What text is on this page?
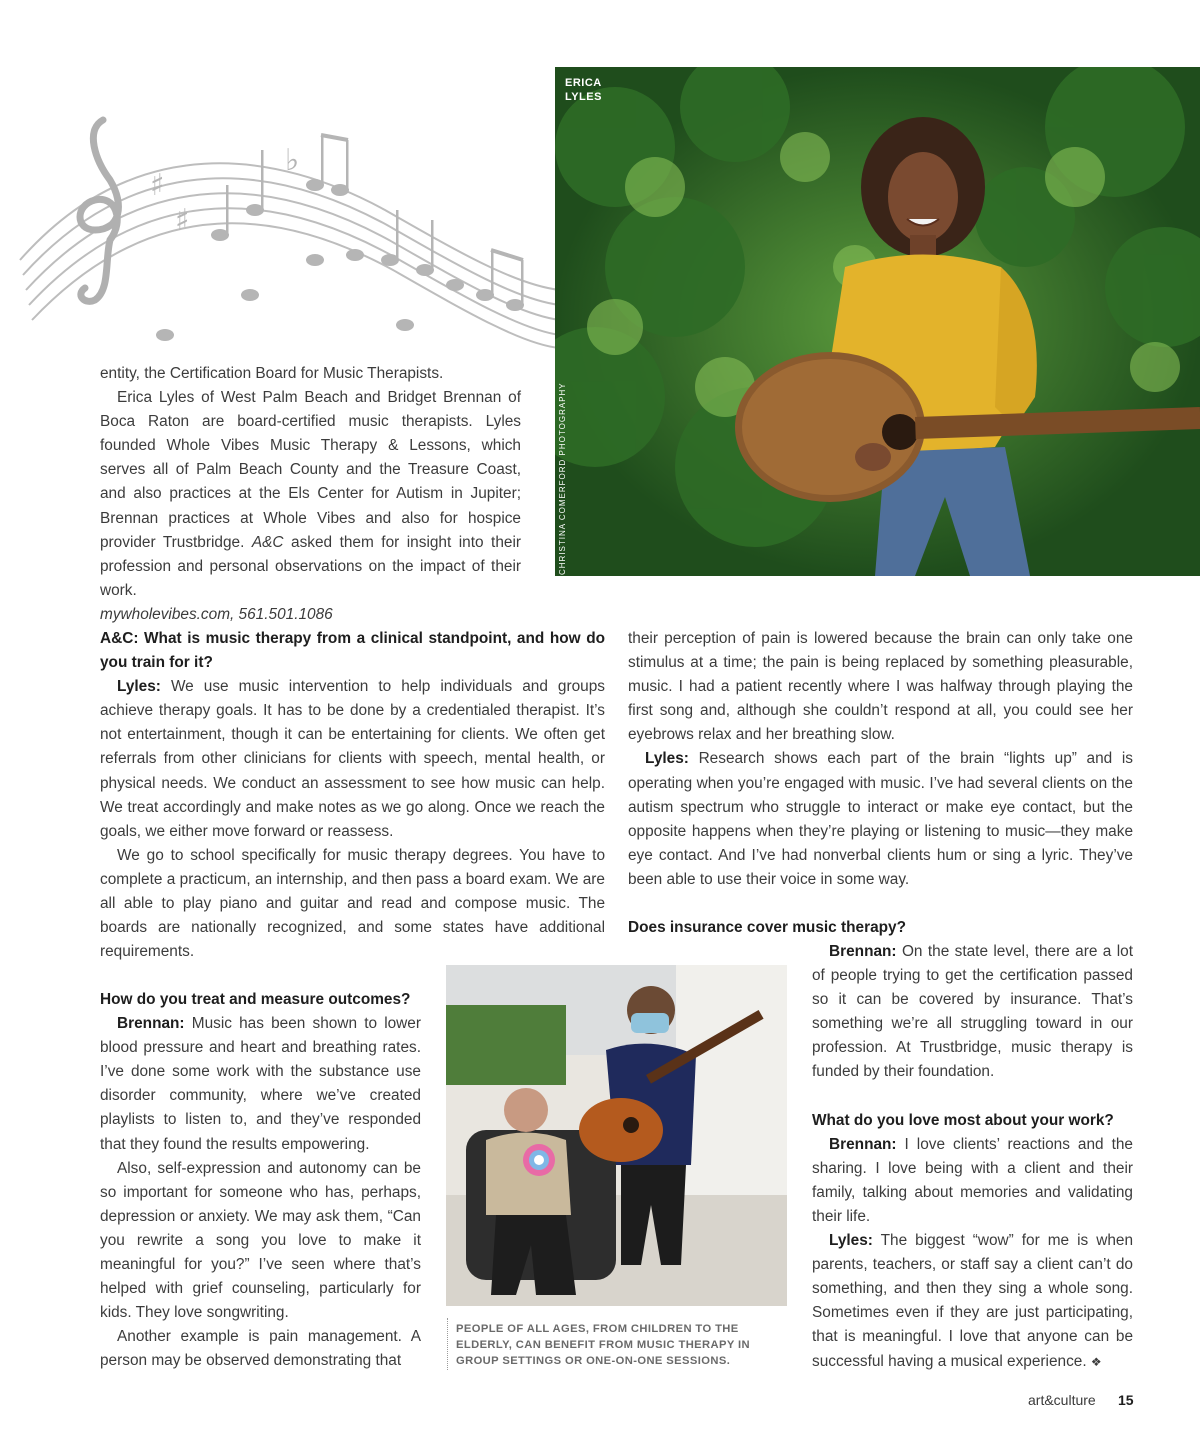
♯
♯
♭
ERICA
LYLES
CHRISTINA COMERFORD PHOTOGRAPHY

entity, the Certification Board for Music Therapists.

Erica Lyles of West Palm Beach and Bridget Brennan of Boca Raton are board-certified music therapists. Lyles founded Whole Vibes Music Therapy & Lessons, which serves all of Palm Beach County and the Treasure Coast, and also practices at the Els Center for Autism in Jupiter; Brennan practices at Whole Vibes and also for hospice provider Trustbridge. A&C asked them for insight into their profession and personal observations on the impact of their work.

mywholevibes.com, 561.501.1086

A&C: What is music therapy from a clinical standpoint, and how do you train for it?

Lyles: We use music intervention to help individuals and groups achieve therapy goals. It has to be done by a credentialed therapist. It’s not entertainment, though it can be entertaining for clients. We often get referrals from other clinicians for clients with speech, mental health, or physical needs. We conduct an assessment to see how music can help. We treat accordingly and make notes as we go along. Once we reach the goals, we either move forward or reassess.

We go to school specifically for music therapy degrees. You have to complete a practicum, an internship, and then pass a board exam. We are all able to play piano and guitar and read and compose music. The boards are nationally recognized, and some states have additional requirements.

How do you treat and measure outcomes?

Brennan: Music has been shown to lower blood pressure and heart and breathing rates. I’ve done some work with the substance use disorder community, where we’ve created playlists to listen to, and they’ve responded that they found the results empowering.

Also, self-expression and autonomy can be so important for someone who has, perhaps, depression or anxiety. We may ask them, “Can you rewrite a song you love to make it meaningful for you?” I’ve seen where that’s helped with grief counseling, particularly for kids. They love songwriting.

Another example is pain management. A person may be observed demonstrating that

their perception of pain is lowered because the brain can only take one stimulus at a time; the pain is being replaced by something pleasurable, music. I had a patient recently where I was halfway through playing the first song and, although she couldn’t respond at all, you could see her eyebrows relax and her breathing slow.

Lyles: Research shows each part of the brain “lights up” and is operating when you’re engaged with music. I’ve had several clients on the autism spectrum who struggle to interact or make eye contact, but the opposite happens when they’re playing or listening to music—they make eye contact. And I’ve had nonverbal clients hum or sing a lyric. They’ve been able to use their voice in some way.

Does insurance cover music therapy?

Brennan: On the state level, there are a lot of people trying to get the certification passed so it can be covered by insurance. That’s something we’re all struggling toward in our profession. At Trustbridge, music therapy is funded by their foundation.

What do you love most about your work?

Brennan: I love clients’ reactions and the sharing. I love being with a client and their family, talking about memories and validating their life.

Lyles: The biggest “wow” for me is when parents, teachers, or staff say a client can’t do something, and then they sing a whole song. Sometimes even if they are just participating, that is meaningful. I love that anyone can be successful having a musical experience. ❖

PEOPLE OF ALL AGES, FROM CHILDREN TO THE ELDERLY, CAN BENEFIT FROM MUSIC THERAPY IN GROUP SETTINGS OR ONE-ON-ONE SESSIONS.
art&culture 15
